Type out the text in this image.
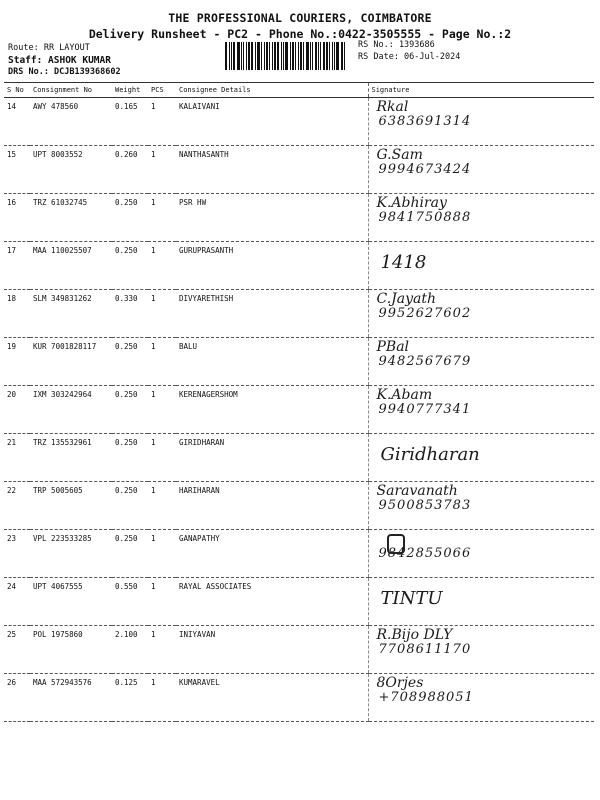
THE PROFESSIONAL COURIERS, COIMBATORE
Delivery Runsheet - PC2 - Phone No.:0422-3505555 - Page No.:2
Route: RR LAYOUT
Staff: ASHOK KUMAR
DRS No.: DCJB139368602
RS No.: 1393686
RS Date: 06-Jul-2024
S No	Consignment No	Weight	PCS	Consignee Details	Signature
14	AWY 478560	0.165	1	KALAIVANI	Rkal
6383691314

15	UPT 8003552	0.260	1	NANTHASANTH	G.Sam
9994673424

16	TRZ 61032745	0.250	1	PSR HW	K.Abhiray
9841750888

17	MAA 110025507	0.250	1	GURUPRASANTH	1418

18	SLM 349831262	0.330	1	DIVYARETHISH	C.Jayath
9952627602

19	KUR 7001828117	0.250	1	BALU	PBal
9482567679

20	IXM 303242964	0.250	1	KERENAGERSHOM	K.Abam
9940777341

21	TRZ 135532961	0.250	1	GIRIDHARAN	Giridharan

22	TRP 5005605	0.250	1	HARIHARAN	Saravanath
9500853783

23	VPL 223533285	0.250	1	GANAPATHY	9842855066

24	UPT 4067555	0.550	1	RAYAL ASSOCIATES	TINTU

25	POL 1975860	2.100	1	INIYAVAN	R.Bijo DLY
7708611170

26	MAA 572943576	0.125	1	KUMARAVEL	8Orjes
+708988051
